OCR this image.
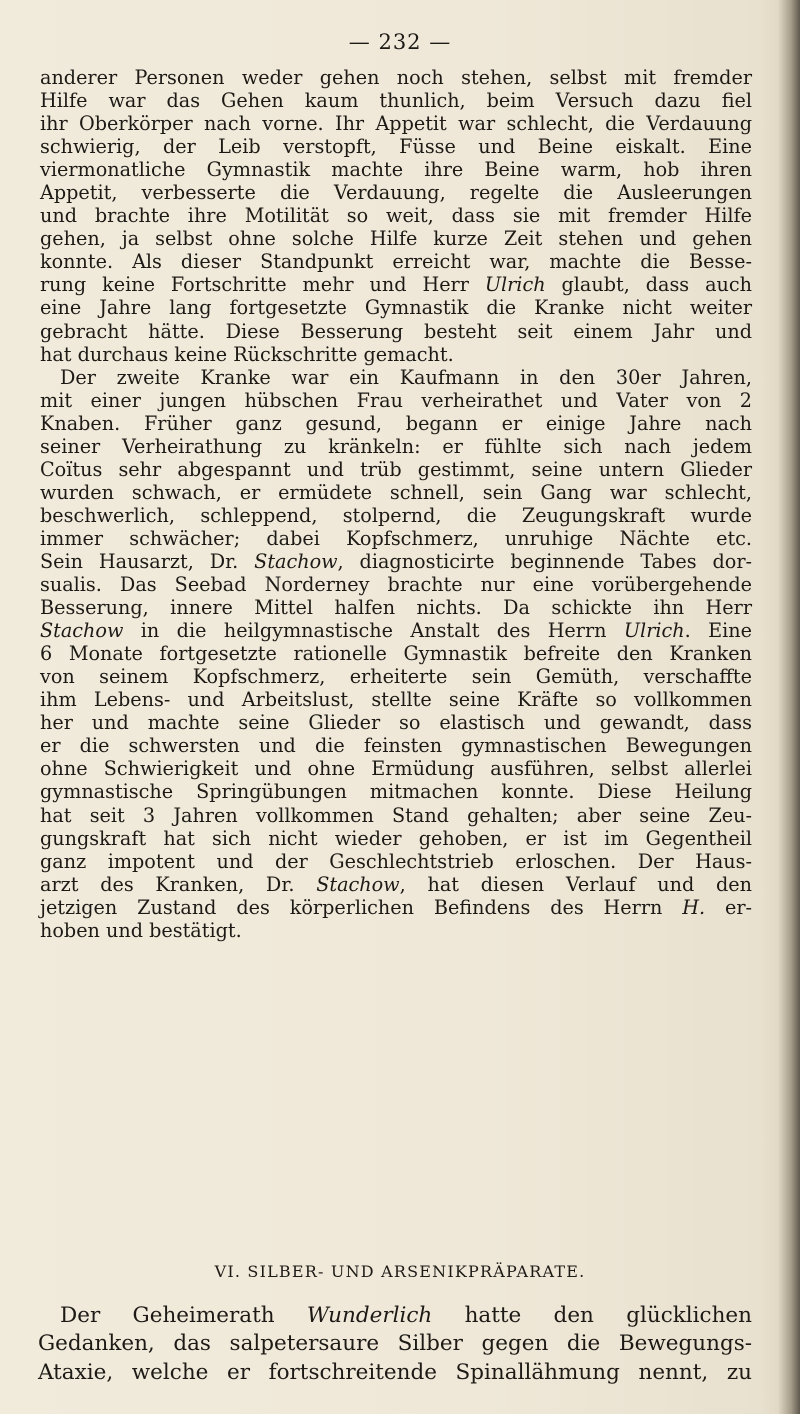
— 232 —
anderer Personen weder gehen noch stehen, selbst mit fremder
Hilfe war das Gehen kaum thunlich, beim Versuch dazu fiel
ihr Oberkörper nach vorne. Ihr Appetit war schlecht, die Verdauung
schwierig, der Leib verstopft, Füsse und Beine eiskalt. Eine
viermonatliche Gymnastik machte ihre Beine warm, hob ihren
Appetit, verbesserte die Verdauung, regelte die Ausleerungen
und brachte ihre Motilität so weit, dass sie mit fremder Hilfe
gehen, ja selbst ohne solche Hilfe kurze Zeit stehen und gehen
konnte. Als dieser Standpunkt erreicht war, machte die Besse-
rung keine Fortschritte mehr und Herr Ulrich glaubt, dass auch
eine Jahre lang fortgesetzte Gymnastik die Kranke nicht weiter
gebracht hätte. Diese Besserung besteht seit einem Jahr und
hat durchaus keine Rückschritte gemacht.
Der zweite Kranke war ein Kaufmann in den 30er Jahren,
mit einer jungen hübschen Frau verheirathet und Vater von 2
Knaben. Früher ganz gesund, begann er einige Jahre nach
seiner Verheirathung zu kränkeln: er fühlte sich nach jedem
Coïtus sehr abgespannt und trüb gestimmt, seine untern Glieder
wurden schwach, er ermüdete schnell, sein Gang war schlecht,
beschwerlich, schleppend, stolpernd, die Zeugungskraft wurde
immer schwächer; dabei Kopfschmerz, unruhige Nächte etc.
Sein Hausarzt, Dr. Stachow, diagnosticirte beginnende Tabes dor-
sualis. Das Seebad Norderney brachte nur eine vorübergehende
Besserung, innere Mittel halfen nichts. Da schickte ihn Herr
Stachow in die heilgymnastische Anstalt des Herrn Ulrich. Eine
6 Monate fortgesetzte rationelle Gymnastik befreite den Kranken
von seinem Kopfschmerz, erheiterte sein Gemüth, verschaffte
ihm Lebens- und Arbeitslust, stellte seine Kräfte so vollkommen
her und machte seine Glieder so elastisch und gewandt, dass
er die schwersten und die feinsten gymnastischen Bewegungen
ohne Schwierigkeit und ohne Ermüdung ausführen, selbst allerlei
gymnastische Springübungen mitmachen konnte. Diese Heilung
hat seit 3 Jahren vollkommen Stand gehalten; aber seine Zeu-
gungskraft hat sich nicht wieder gehoben, er ist im Gegentheil
ganz impotent und der Geschlechtstrieb erloschen. Der Haus-
arzt des Kranken, Dr. Stachow, hat diesen Verlauf und den
jetzigen Zustand des körperlichen Befindens des Herrn H. er-
hoben und bestätigt.
VI. SILBER- UND ARSENIKPRÄPARATE.
Der Geheimerath Wunderlich hatte den glücklichen
Gedanken, das salpetersaure Silber gegen die Bewegungs-
Ataxie, welche er fortschreitende Spinallähmung nennt, zu
